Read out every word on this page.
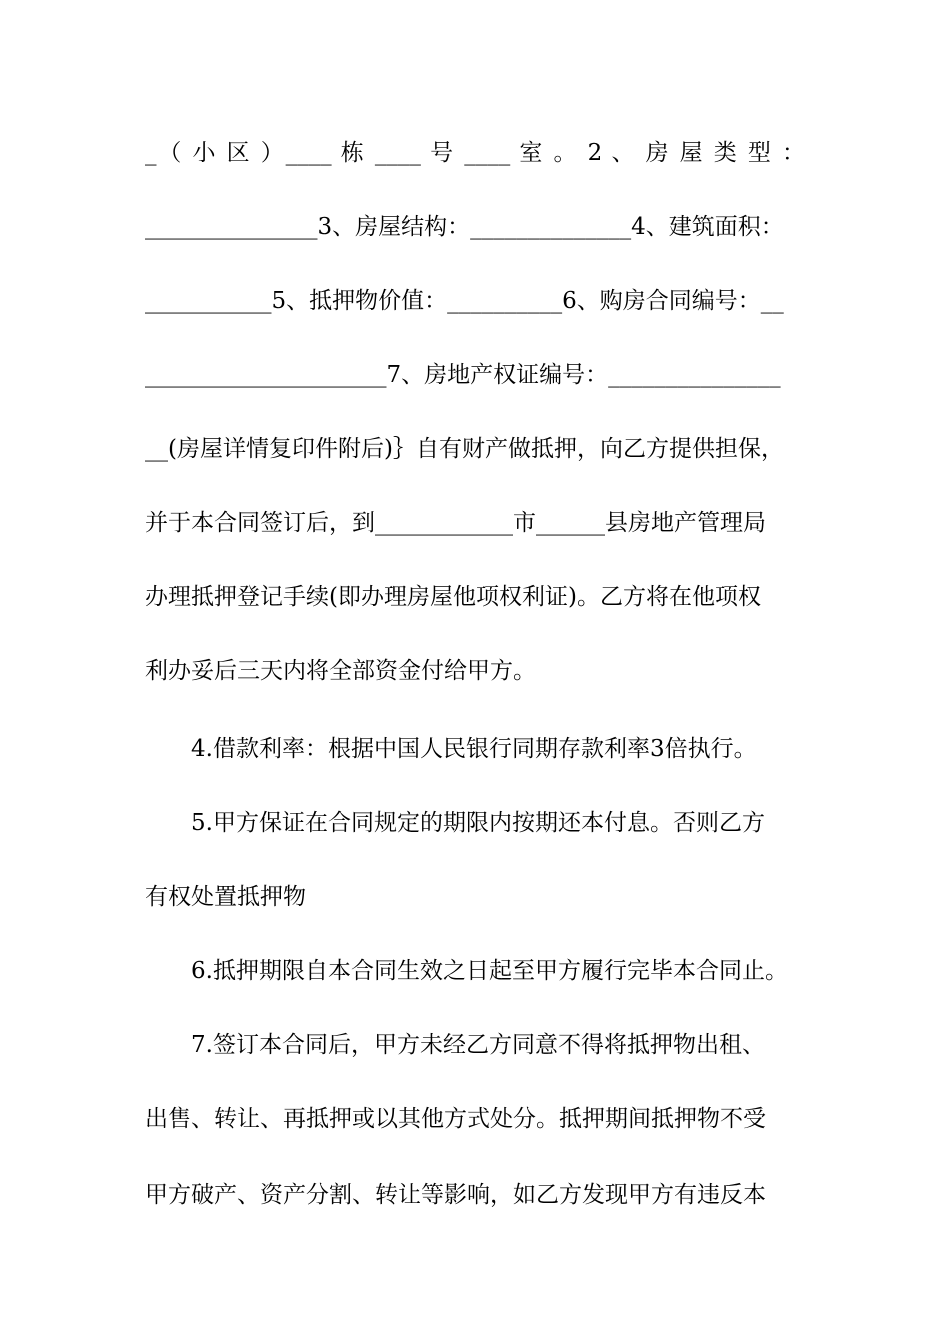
_（ 小 区 ）____ 栋 ____ 号 ____ 室 。 2 、 房 屋 类 型 ：
_______________3、房屋结构：______________4、建筑面积：
___________5、抵押物价值：__________6、购房合同编号：__
_____________________7、房地产权证编号：_______________
__(房屋详情复印件附后)｝自有财产做抵押，向乙方提供担保，
并于本合同签订后，到____________市______县房地产管理局
办理抵押登记手续(即办理房屋他项权利证)。乙方将在他项权
利办妥后三天内将全部资金付给甲方。
4.借款利率：根据中国人民银行同期存款利率3倍执行。
5.甲方保证在合同规定的期限内按期还本付息。否则乙方
有权处置抵押物
6.抵押期限自本合同生效之日起至甲方履行完毕本合同止。
7.签订本合同后，甲方未经乙方同意不得将抵押物出租、
出售、转让、再抵押或以其他方式处分。抵押期间抵押物不受
甲方破产、资产分割、转让等影响，如乙方发现甲方有违反本
